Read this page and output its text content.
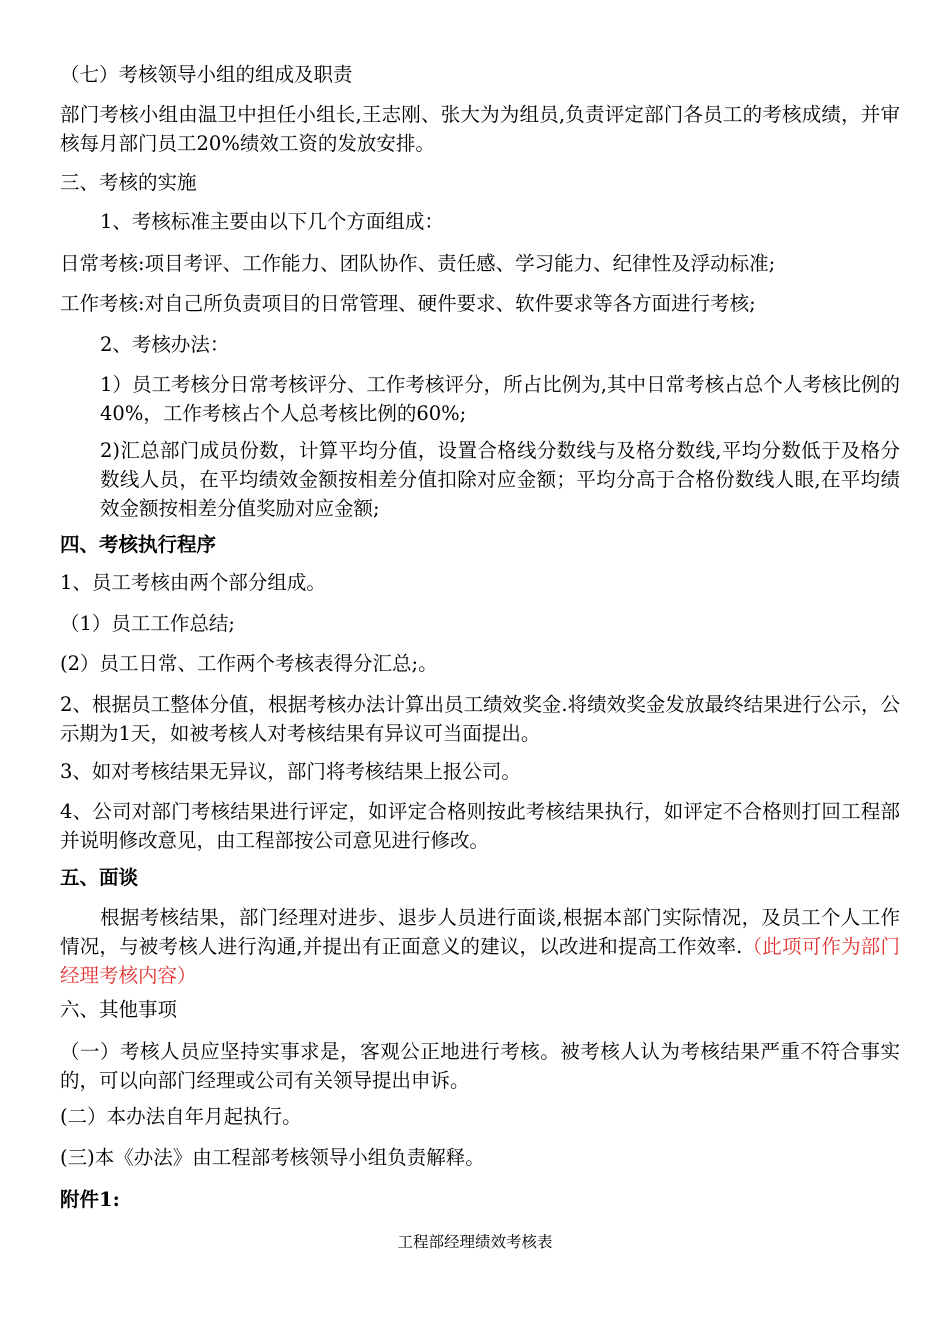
（七）考核领导小组的组成及职责

部门考核小组由温卫中担任小组长,王志刚、张大为为组员,负责评定部门各员工的考核成绩，并审核每月部门员工20%绩效工资的发放安排。

三、考核的实施

1、考核标准主要由以下几个方面组成：

日常考核:项目考评、工作能力、团队协作、责任感、学习能力、纪律性及浮动标准;

工作考核:对自己所负责项目的日常管理、硬件要求、软件要求等各方面进行考核;

2、考核办法：

1）员工考核分日常考核评分、工作考核评分，所占比例为,其中日常考核占总个人考核比例的40%，工作考核占个人总考核比例的60%;

2)汇总部门成员份数，计算平均分值，设置合格线分数线与及格分数线,平均分数低于及格分数线人员，在平均绩效金额按相差分值扣除对应金额；平均分高于合格份数线人眼,在平均绩效金额按相差分值奖励对应金额;

四、考核执行程序

1、员工考核由两个部分组成。

（1）员工工作总结;

(2）员工日常、工作两个考核表得分汇总;。

2、根据员工整体分值，根据考核办法计算出员工绩效奖金.将绩效奖金发放最终结果进行公示，公示期为1天，如被考核人对考核结果有异议可当面提出。

3、如对考核结果无异议，部门将考核结果上报公司。

4、公司对部门考核结果进行评定，如评定合格则按此考核结果执行，如评定不合格则打回工程部并说明修改意见，由工程部按公司意见进行修改。

五、面谈

根据考核结果，部门经理对进步、退步人员进行面谈,根据本部门实际情况，及员工个人工作情况，与被考核人进行沟通,并提出有正面意义的建议，以改进和提高工作效率.（此项可作为部门经理考核内容）

六、其他事项

（一）考核人员应坚持实事求是，客观公正地进行考核。被考核人认为考核结果严重不符合事实的，可以向部门经理或公司有关领导提出申诉。

(二）本办法自年月起执行。

(三)本《办法》由工程部考核领导小组负责解释。

附件1:

工程部经理绩效考核表
